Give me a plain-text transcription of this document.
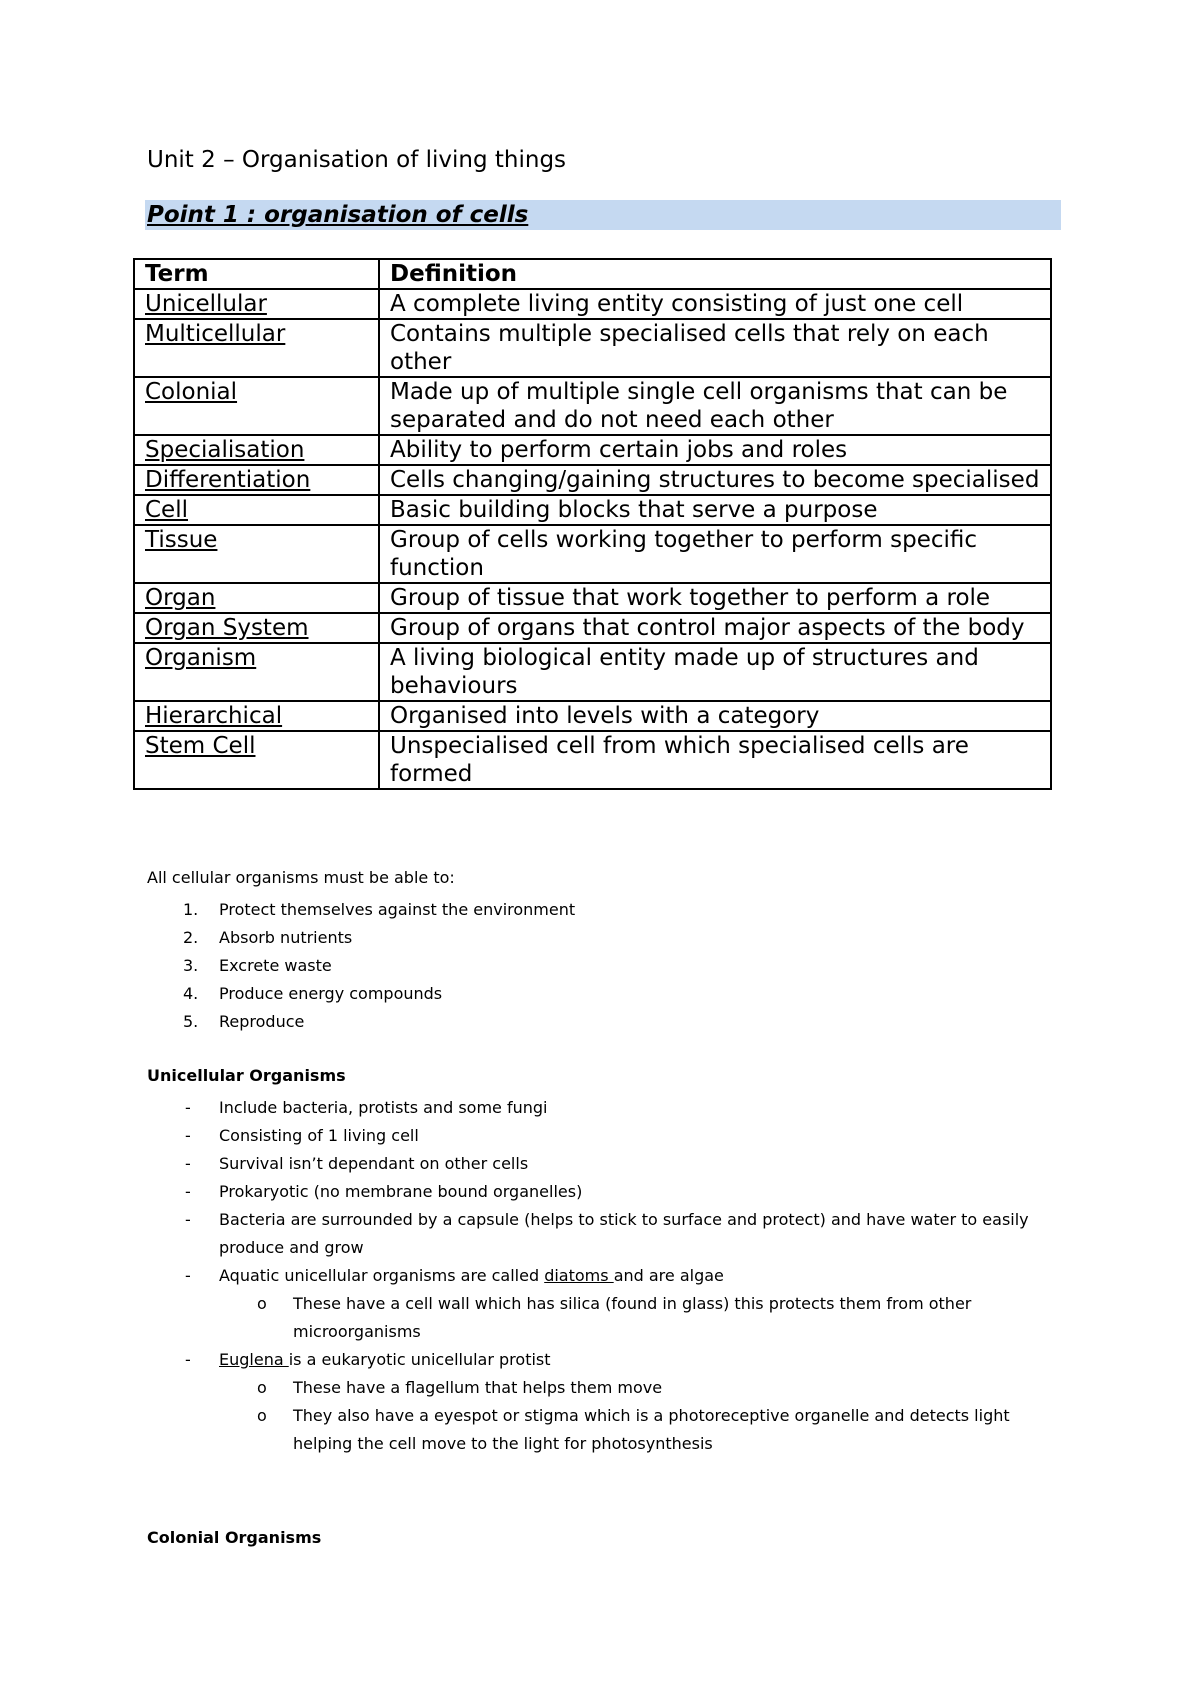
Unit 2 – Organisation of living things
Point 1 : organisation of cells
Term	Definition
Unicellular	A complete living entity consisting of just one cell
Multicellular	Contains multiple specialised cells that rely on each other
Colonial	Made up of multiple single cell organisms that can be separated and do not need each other
Specialisation	Ability to perform certain jobs and roles
Differentiation	Cells changing/gaining structures to become specialised
Cell	Basic building blocks that serve a purpose
Tissue	Group of cells working together to perform specific function
Organ	Group of tissue that work together to perform a role
Organ System	Group of organs that control major aspects of the body
Organism	A living biological entity made up of structures and behaviours
Hierarchical	Organised into levels with a category
Stem Cell	Unspecialised cell from which specialised cells are formed
All cellular organisms must be able to:
1. Protect themselves against the environment
2. Absorb nutrients
3. Excrete waste
4. Produce energy compounds
5. Reproduce
Unicellular Organisms
- Include bacteria, protists and some fungi
- Consisting of 1 living cell
- Survival isn’t dependant on other cells
- Prokaryotic (no membrane bound organelles)
- Bacteria are surrounded by a capsule (helps to stick to surface and protect) and have water to easily produce and grow
- Aquatic unicellular organisms are called diatoms and are algae
o These have a cell wall which has silica (found in glass) this protects them from other microorganisms
- Euglena is a eukaryotic unicellular protist
o These have a flagellum that helps them move
o They also have a eyespot or stigma which is a photoreceptive organelle and detects light helping the cell move to the light for photosynthesis
Colonial Organisms
